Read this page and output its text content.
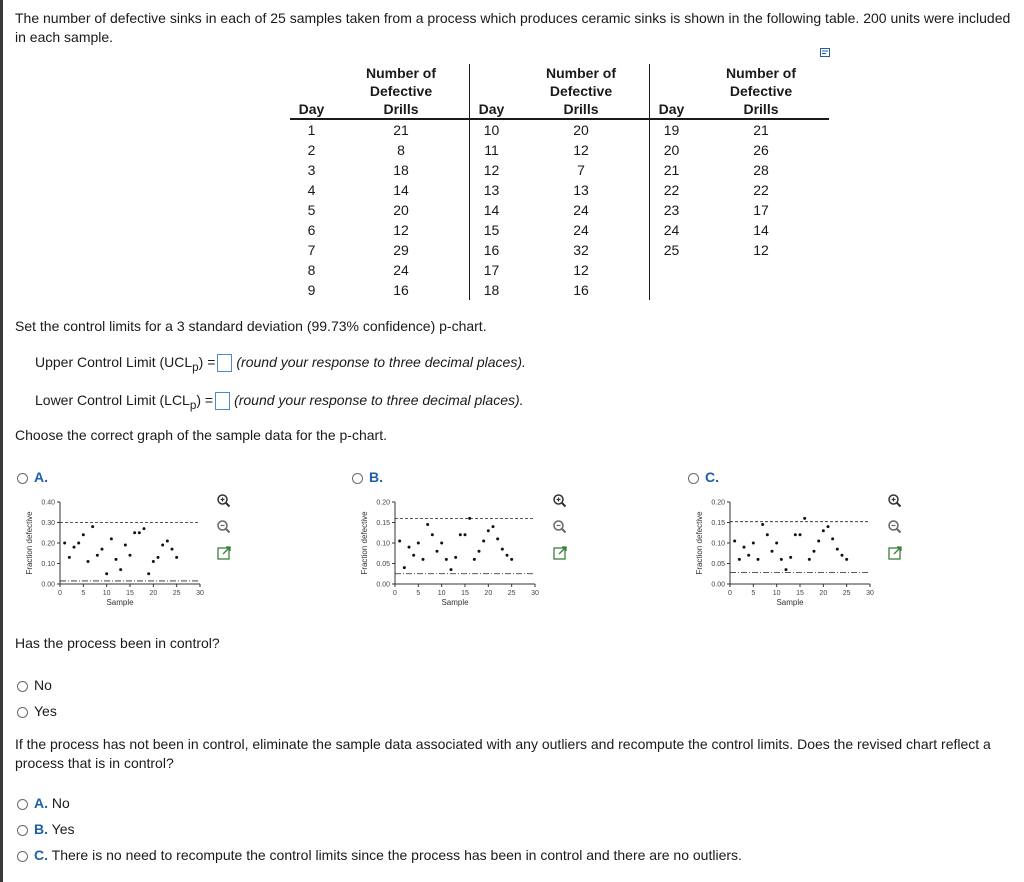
The number of defective sinks in each of 25 samples taken from a process which produces ceramic sinks is shown in the following table. 200 units were included in each sample.
	Number of		Number of		Number of
	Defective		Defective		Defective
Day	Drills	Day	Drills	Day	Drills
1	21	10	20	19	21
2	8	11	12	20	26
3	18	12	7	21	28
4	14	13	13	22	22
5	20	14	24	23	17
6	12	15	24	24	14
7	29	16	32	25	12
8	24	17	12		
9	16	18	16		
Set the control limits for a 3 standard deviation (99.73% confidence) p-chart.
Upper Control Limit $(UCL_p)$ = (round your response to three decimal places).
Lower Control Limit $(LCL_p)$ = (round your response to three decimal places).
Choose the correct graph of the sample data for the p-chart.
A.	B.	C.
0.00
0.10
0.20
0.30
0.40
0	5 10 15 20 25 30
Sample
Fraction defective
0.00
0.05
0.10
0.15
0.20
0	5 10 15 20 25 30
Sample
Fraction defective
0.00
0.05
0.10
0.15
0.20
0	5 10 15 20 25 30
Sample
Fraction defective
Has the process been in control?
No
Yes
If the process has not been in control, eliminate the sample data associated with any outliers and recompute the control limits. Does the revised chart reflect a process that is in control?
A. No
B. Yes
C. There is no need to recompute the control limits since the process has been in control and there are no outliers.
